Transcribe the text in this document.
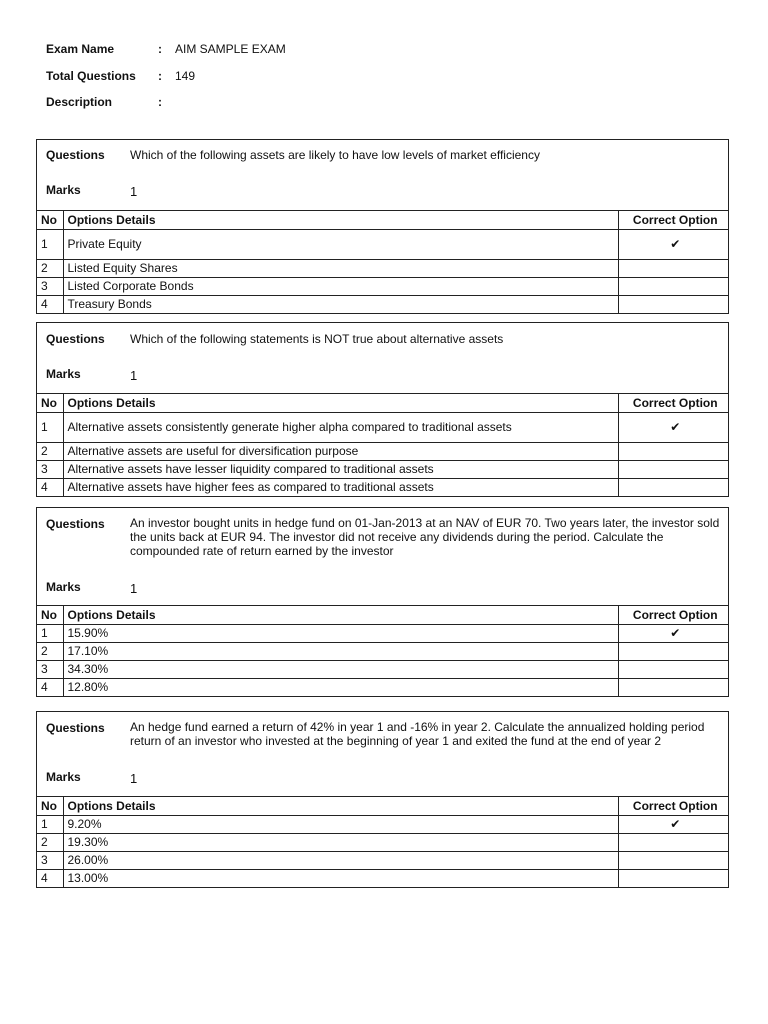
Exam Name	: AIM SAMPLE EXAM
Total Questions : 149
Description	:
Questions Which of the following assets are likely to have low levels of market efficiency
Marks	1
No	Options Details	Correct Option
1	Private Equity	✔
2	Listed Equity Shares	
3	Listed Corporate Bonds	
4	Treasury Bonds	
Questions Which of the following statements is NOT true about alternative assets
Marks	1
No	Options Details	Correct Option
1	Alternative assets consistently generate higher alpha compared to traditional assets	✔
2	Alternative assets are useful for diversification purpose	
3	Alternative assets have lesser liquidity compared to traditional assets	
4	Alternative assets have higher fees as compared to traditional assets	
Questions An investor bought units in hedge fund on 01-Jan-2013 at an NAV of EUR 70. Two years later, the investor sold the units back at EUR 94. The investor did not receive any dividends during the period. Calculate the compounded rate of return earned by the investor
Marks	1
No	Options Details	Correct Option
1	15.90%	✔
2	17.10%	
3	34.30%	
4	12.80%	
Questions An hedge fund earned a return of 42% in year 1 and -16% in year 2. Calculate the annualized holding period return of an investor who invested at the beginning of year 1 and exited the fund at the end of year 2
Marks	1
No	Options Details	Correct Option
1	9.20%	✔
2	19.30%	
3	26.00%	
4	13.00%	
